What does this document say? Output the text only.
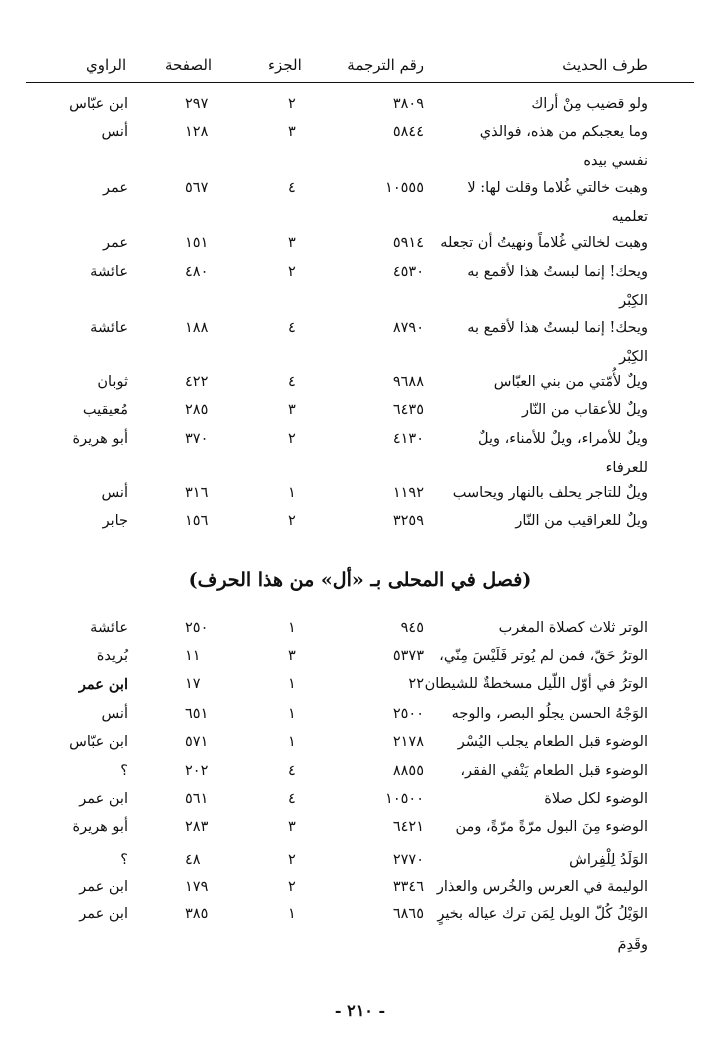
طرف الحديث
رقم الترجمة
الجزء
الصفحة
الراوي
ولو قضيب مِنْ أراك
٣٨٠٩
٢
٢٩٧
ابن عبّاس
وما يعجبكم من هذه، فوالذي
٥٨٤٤
٣
١٢٨
أنس
نفسي بيده
وهبت خالتي غُلاما وقلت لها: لا
١٠٥٥٥
٤
٥٦٧
عمر
تعلميه
وهبت لخالتي غُلاماً ونهيتُ أن تجعله
٥٩١٤
٣
١٥١
عمر
ويحك! إنما لبستُ هذا لأقمع به
٤٥٣٠
٢
٤٨٠
عائشة
الكِبْر
ويحك! إنما لبستُ هذا لأقمع به
٨٧٩٠
٤
١٨٨
عائشة
الكِبْر
ويلٌ لأُمّتي من بني العبّاس
٩٦٨٨
٤
٤٢٢
ثوبان
ويلٌ للأعقاب من النّار
٦٤٣٥
٣
٢٨٥
مُعيقيب
ويلٌ للأمراء، ويلٌ للأمناء، ويلٌ
٤١٣٠
٢
٣٧٠
أبو هريرة
للعرفاء
ويلٌ للتاجر يحلف بالنهار ويحاسب
١١٩٢
١
٣١٦
أنس
ويلٌ للعراقيب من النّار
٣٢٥٩
٢
١٥٦
جابر
(فصل في المحلى بـ «أل» من هذا الحرف)
الوتر ثلاث كصلاة المغرب
٩٤٥
١
٢٥٠
عائشة
الوترُ حَقّ، فمن لم يُوتر فَلَيْسَ مِنّي،
٥٣٧٣
٣
١١
بُريدة
الوترُ في أوّل اللّيل مسخطةٌ للشيطان
٢٢
١
١٧
ابن عمر
الوَجْهُ الحسن يجلُو البصر، والوجه
٢٥٠٠
١
٦٥١
أنس
الوضوء قبل الطعام يجلب اليُسْر
٢١٧٨
١
٥٧١
ابن عبّاس
الوضوء قبل الطعام يَنْفي الفقر،
٨٨٥٥
٤
٢٠٢
؟
الوضوء لكل صلاة
١٠٥٠٠
٤
٥٦١
ابن عمر
الوضوء مِنَ البول مرّةً مرّةً، ومن
٦٤٢١
٣
٢٨٣
أبو هريرة
الوَلَدُ لِلْفِراش
٢٧٧٠
٢
٤٨
؟
الوليمة في العرس والخُرس والعذار
٣٣٤٦
٢
١٧٩
ابن عمر
الوَيْلُ كُلّ الويل لِمَن ترك عياله بخيرٍ
٦٨٦٥
١
٣٨٥
ابن عمر
وقَدِمَ
- ٢١٠ -
